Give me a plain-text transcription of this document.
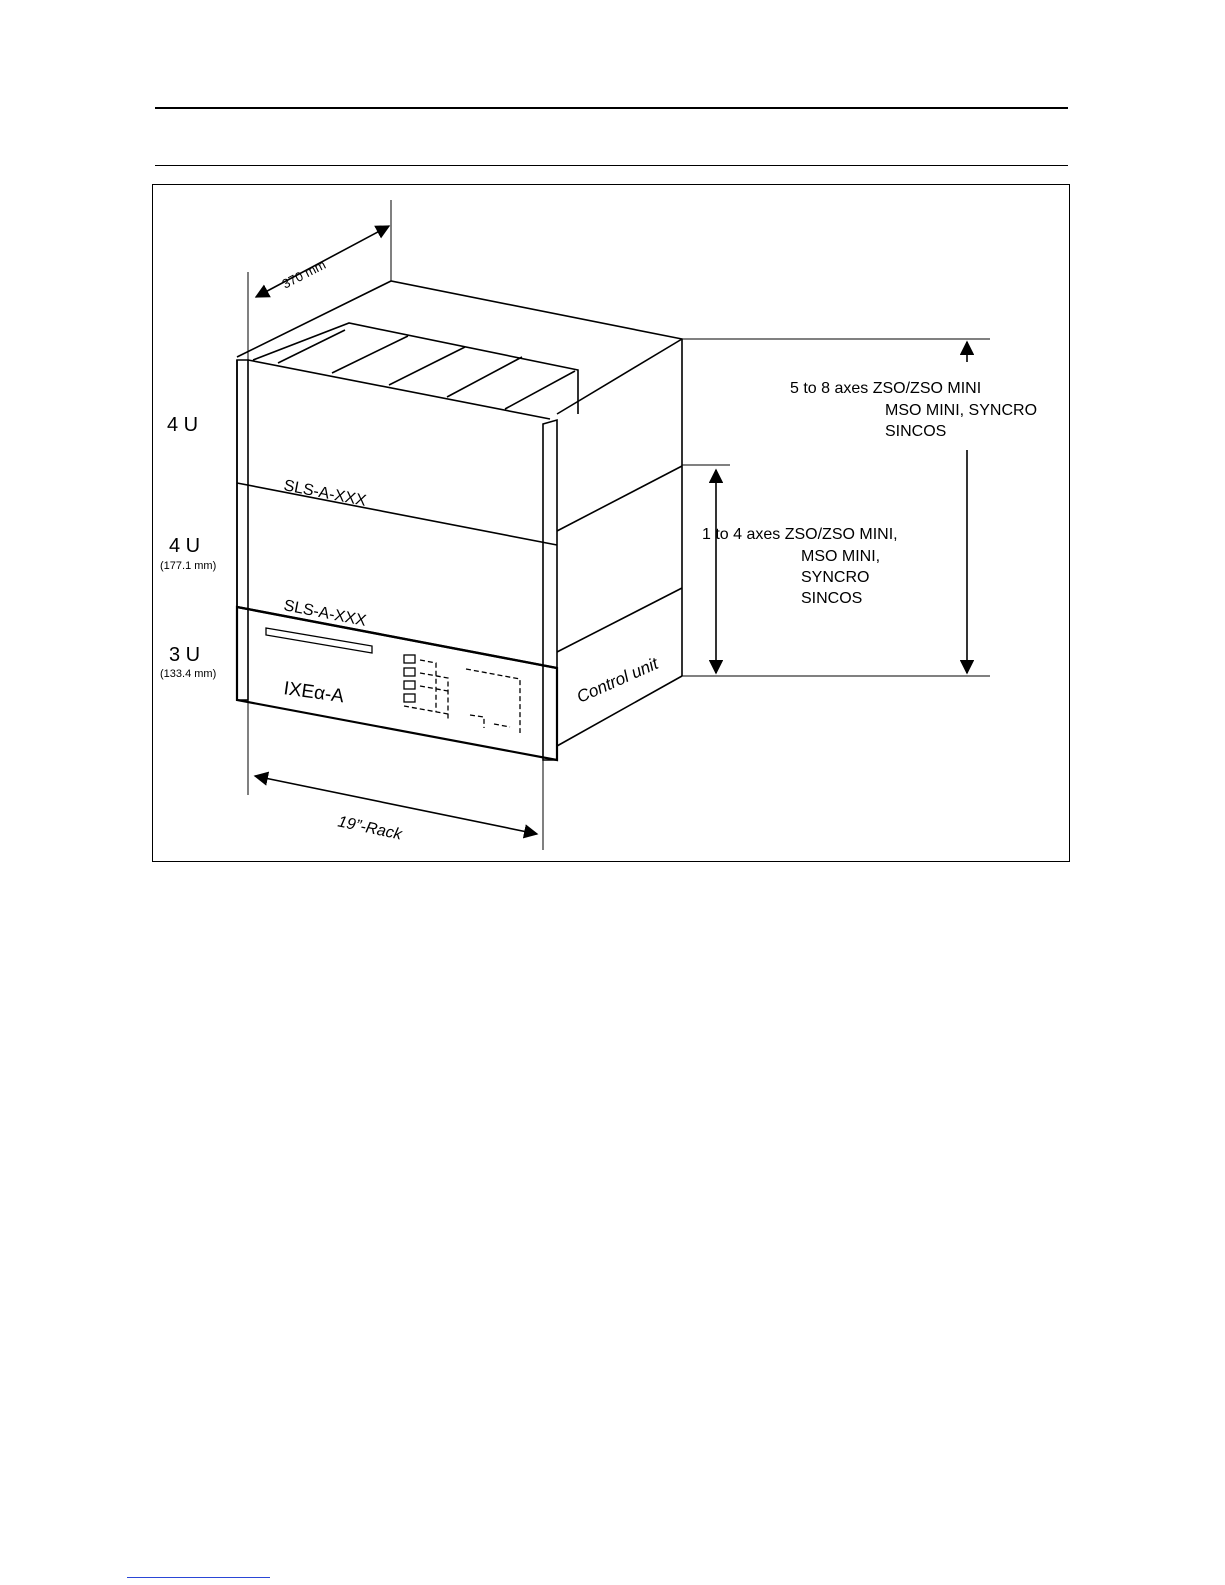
370 mm
19”-Rack
SLS-A-XXX
SLS-A-XXX
IXEα-A	Control unit
4 U
4 U
(177.1 mm)
3 U
(133.4 mm)
5 to 8 axes ZSO/ZSO MINI
MSO MINI, SYNCRO
SINCOS
1 to 4 axes ZSO/ZSO MINI,
MSO MINI,
SYNCRO
SINCOS
